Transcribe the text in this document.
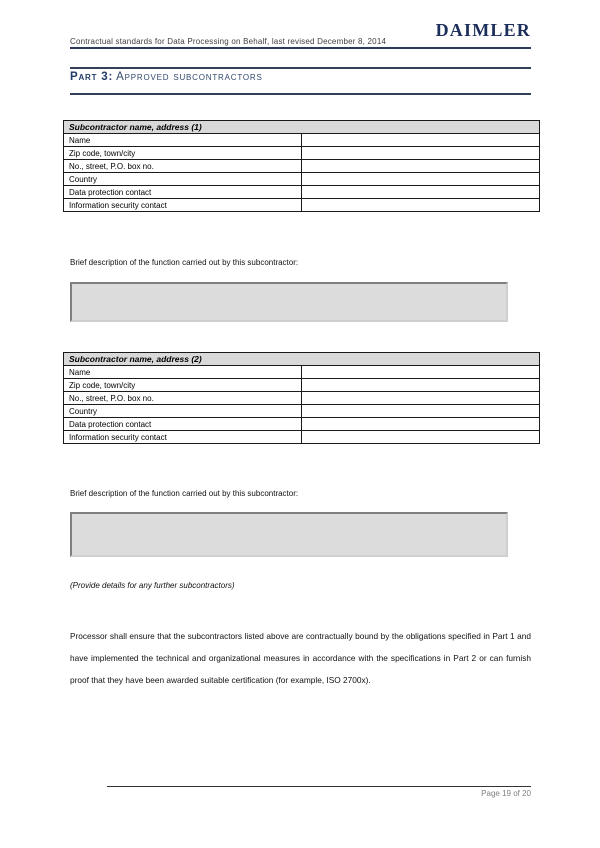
Contractual standards for Data Processing on Behalf, last revised December 8, 2014
DAIMLER
Part 3: Approved subcontractors
Subcontractor name, address (1)	
Name	
Zip code, town/city	
No., street, P.O. box no.	
Country	
Data protection contact	
Information security contact	
Brief description of the function carried out by this subcontractor:
Subcontractor name, address (2)	
Name	
Zip code, town/city	
No., street, P.O. box no.	
Country	
Data protection contact	
Information security contact	
Brief description of the function carried out by this subcontractor:
(Provide details for any further subcontractors)
Processor shall ensure that the subcontractors listed above are contractually bound by the obligations specified in Part 1 and have implemented the technical and organizational measures in accordance with the specifications in Part 2 or can furnish proof that they have been awarded suitable certification (for example, ISO 2700x).
Page 19 of 20
